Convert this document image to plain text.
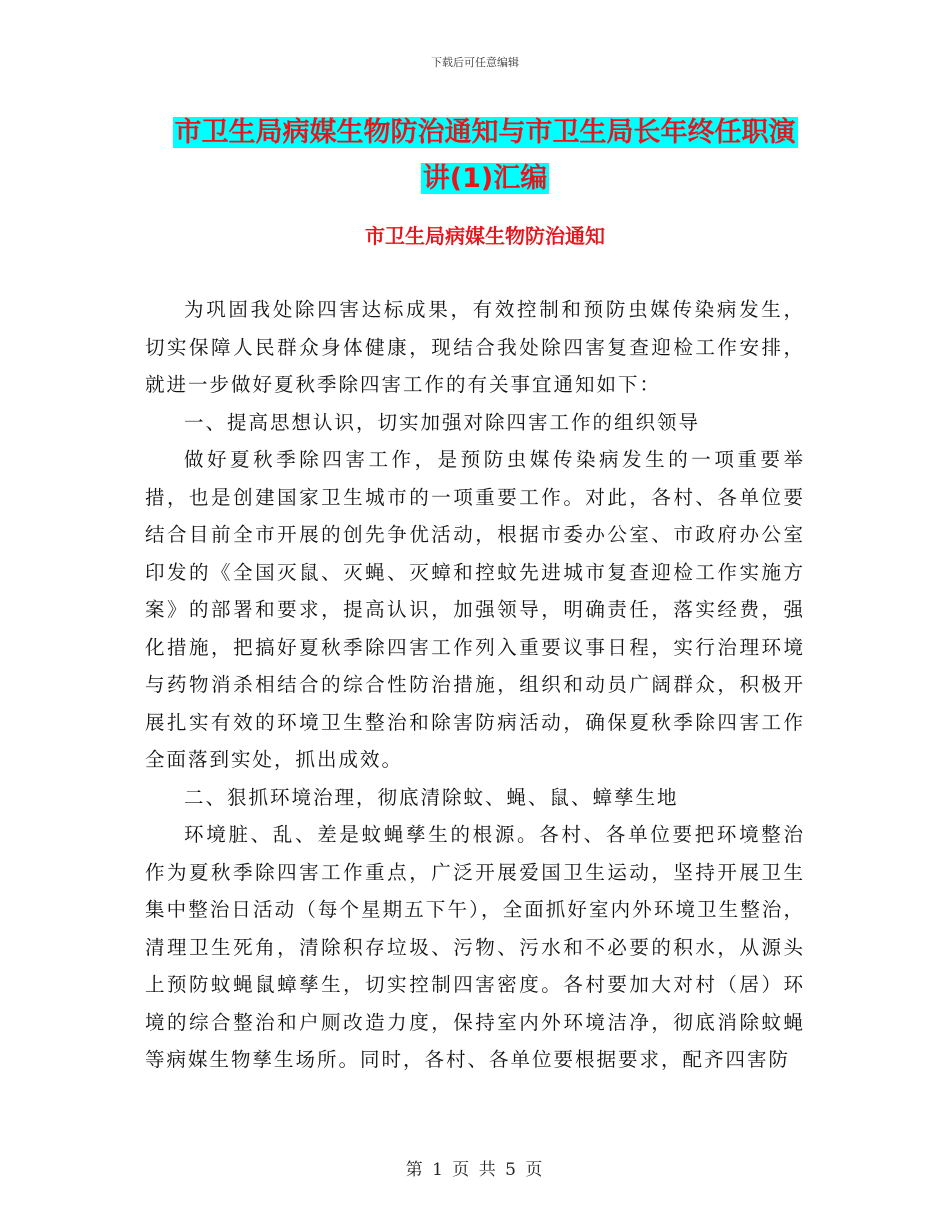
下载后可任意编辑
市卫生局病媒生物防治通知与市卫生局长年终任职演
讲(1)汇编
市卫生局病媒生物防治通知

为巩固我处除四害达标成果，有效控制和预防虫媒传染病发生，切实保障人民群众身体健康，现结合我处除四害复查迎检工作安排，就进一步做好夏秋季除四害工作的有关事宜通知如下：

一、提高思想认识，切实加强对除四害工作的组织领导

做好夏秋季除四害工作，是预防虫媒传染病发生的一项重要举措，也是创建国家卫生城市的一项重要工作。对此，各村、各单位要结合目前全市开展的创先争优活动，根据市委办公室、市政府办公室印发的《全国灭鼠、灭蝇、灭蟑和控蚊先进城市复查迎检工作实施方案》的部署和要求，提高认识，加强领导，明确责任，落实经费，强化措施，把搞好夏秋季除四害工作列入重要议事日程，实行治理环境与药物消杀相结合的综合性防治措施，组织和动员广阔群众，积极开展扎实有效的环境卫生整治和除害防病活动，确保夏秋季除四害工作全面落到实处，抓出成效。

二、狠抓环境治理，彻底清除蚊、蝇、鼠、蟑孳生地

环境脏、乱、差是蚊蝇孳生的根源。各村、各单位要把环境整治作为夏秋季除四害工作重点，广泛开展爱国卫生运动，坚持开展卫生集中整治日活动（每个星期五下午），全面抓好室内外环境卫生整治，清理卫生死角，清除积存垃圾、污物、污水和不必要的积水，从源头上预防蚊蝇鼠蟑孳生，切实控制四害密度。各村要加大对村（居）环境的综合整治和户厕改造力度，保持室内外环境洁净，彻底消除蚊蝇等病媒生物孳生场所。同时，各村、各单位要根据要求，配齐四害防

第 1 页 共 5 页
